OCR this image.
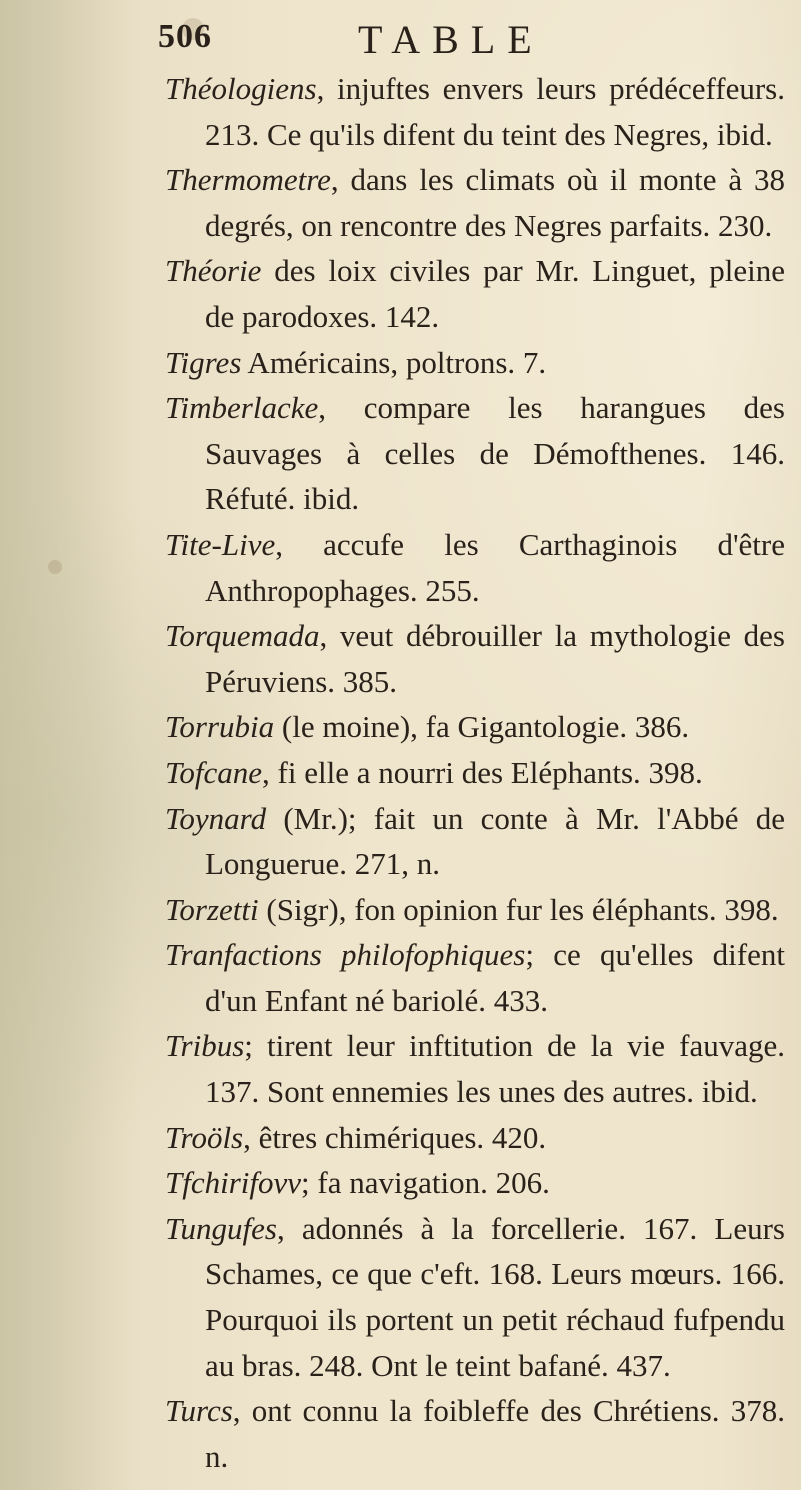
506	TABLE

Théologiens, injuftes envers leurs prédéceffeurs. 213. Ce qu'ils difent du teint des Negres, ibid.

Thermometre, dans les climats où il monte à 38 degrés, on rencontre des Negres parfaits. 230.

Théorie des loix civiles par Mr. Linguet, pleine de parodoxes. 142.

Tigres Américains, poltrons. 7.

Timberlacke, compare les harangues des Sauvages à celles de Démofthenes. 146. Réfuté. ibid.

Tite-Live, accufe les Carthaginois d'être Anthropophages. 255.

Torquemada, veut débrouiller la mythologie des Péruviens. 385.

Torrubia (le moine), fa Gigantologie. 386.

Tofcane, fi elle a nourri des Eléphants. 398.

Toynard (Mr.); fait un conte à Mr. l'Abbé de Longuerue. 271, n.

Torzetti (Sigr), fon opinion fur les éléphants. 398.

Tranfactions philofophiques; ce qu'elles difent d'un Enfant né bariolé. 433.

Tribus; tirent leur inftitution de la vie fauvage. 137. Sont ennemies les unes des autres. ibid.

Troöls, êtres chimériques. 420.

Tfchirifovv; fa navigation. 206.

Tungufes, adonnés à la forcellerie. 167. Leurs Schames, ce que c'eft. 168. Leurs mœurs. 166. Pourquoi ils portent un petit réchaud fufpendu au bras. 248. Ont le teint bafané. 437.

Turcs, ont connu la foibleffe des Chrétiens. 378. n.
